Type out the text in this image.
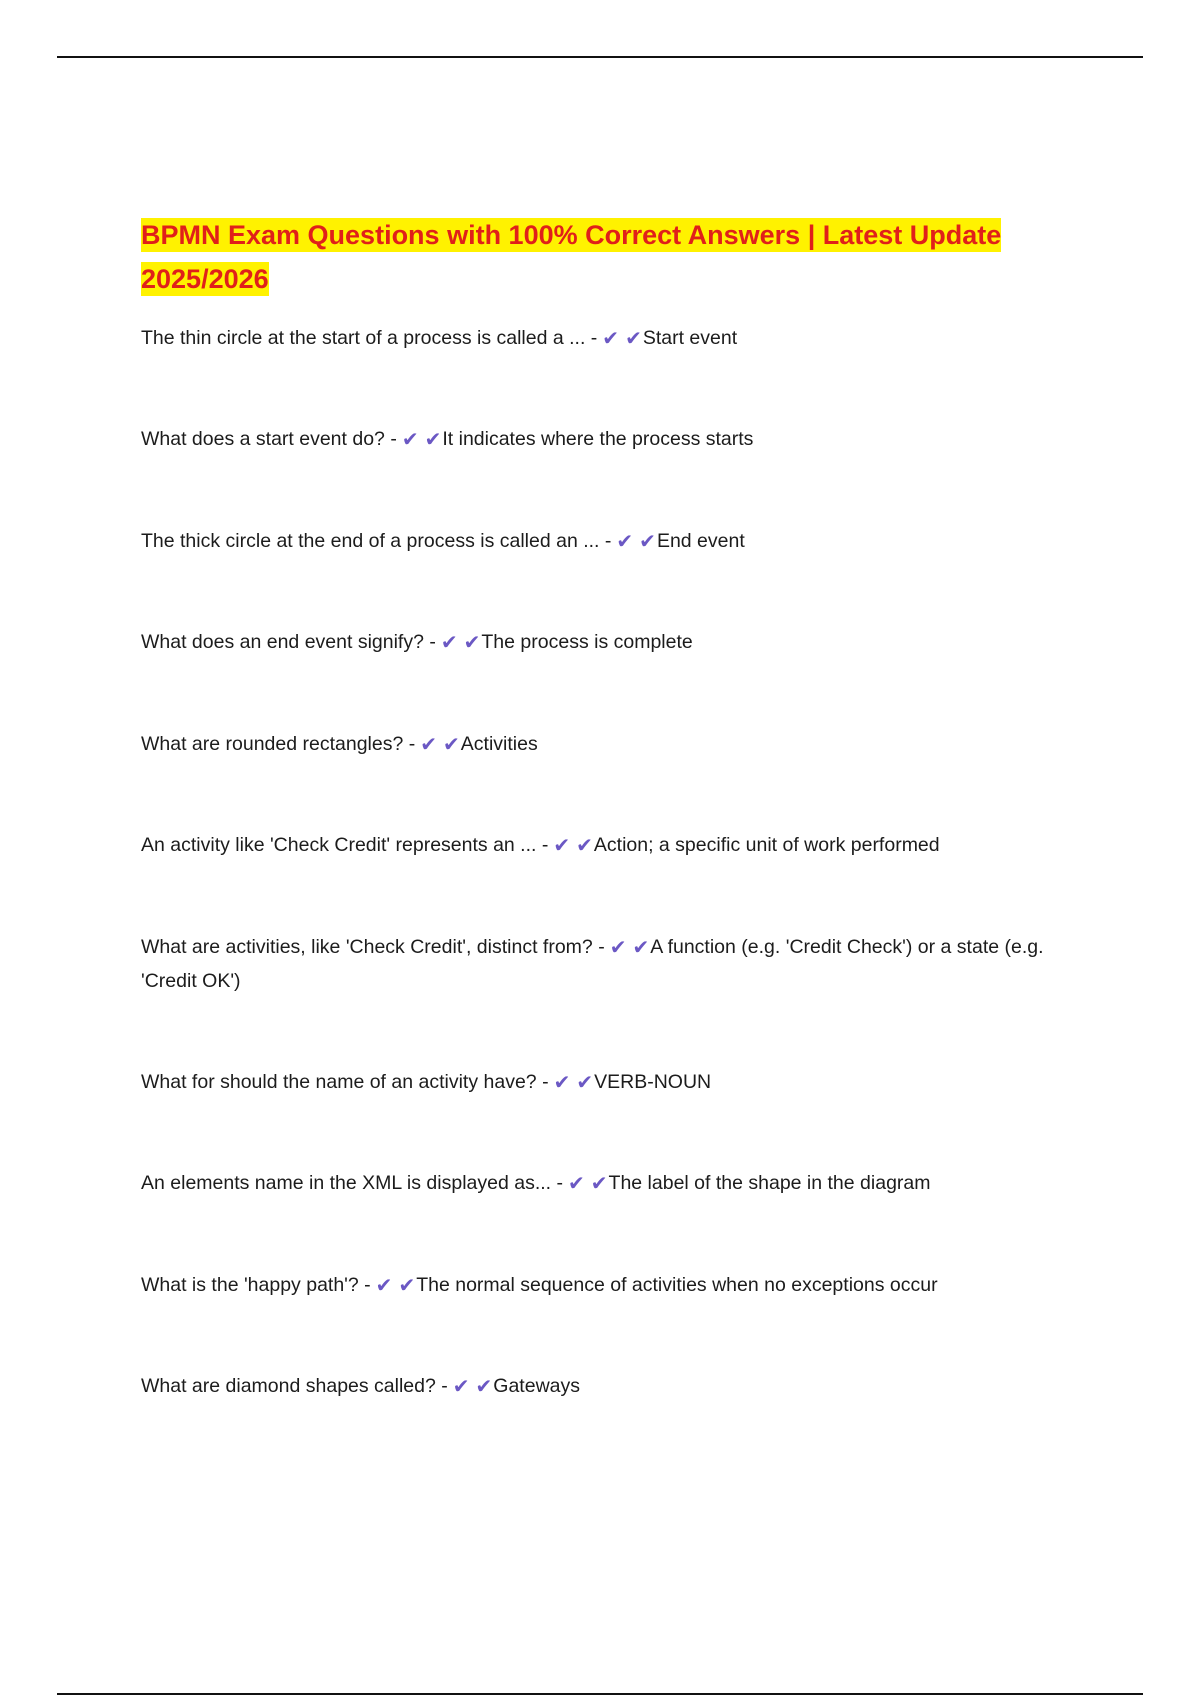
BPMN Exam Questions with 100% Correct Answers | Latest Update 2025/2026

The thin circle at the start of a process is called a ... - ✔ ✔Start event

What does a start event do? - ✔ ✔It indicates where the process starts

The thick circle at the end of a process is called an ... - ✔ ✔End event

What does an end event signify? - ✔ ✔The process is complete

What are rounded rectangles? - ✔ ✔Activities

An activity like 'Check Credit' represents an ... - ✔ ✔Action; a specific unit of work performed

What are activities, like 'Check Credit', distinct from? - ✔ ✔A function (e.g. 'Credit Check') or a state (e.g. 'Credit OK')

What for should the name of an activity have? - ✔ ✔VERB-NOUN

An elements name in the XML is displayed as... - ✔ ✔The label of the shape in the diagram

What is the 'happy path'? - ✔ ✔The normal sequence of activities when no exceptions occur

What are diamond shapes called? - ✔ ✔Gateways
